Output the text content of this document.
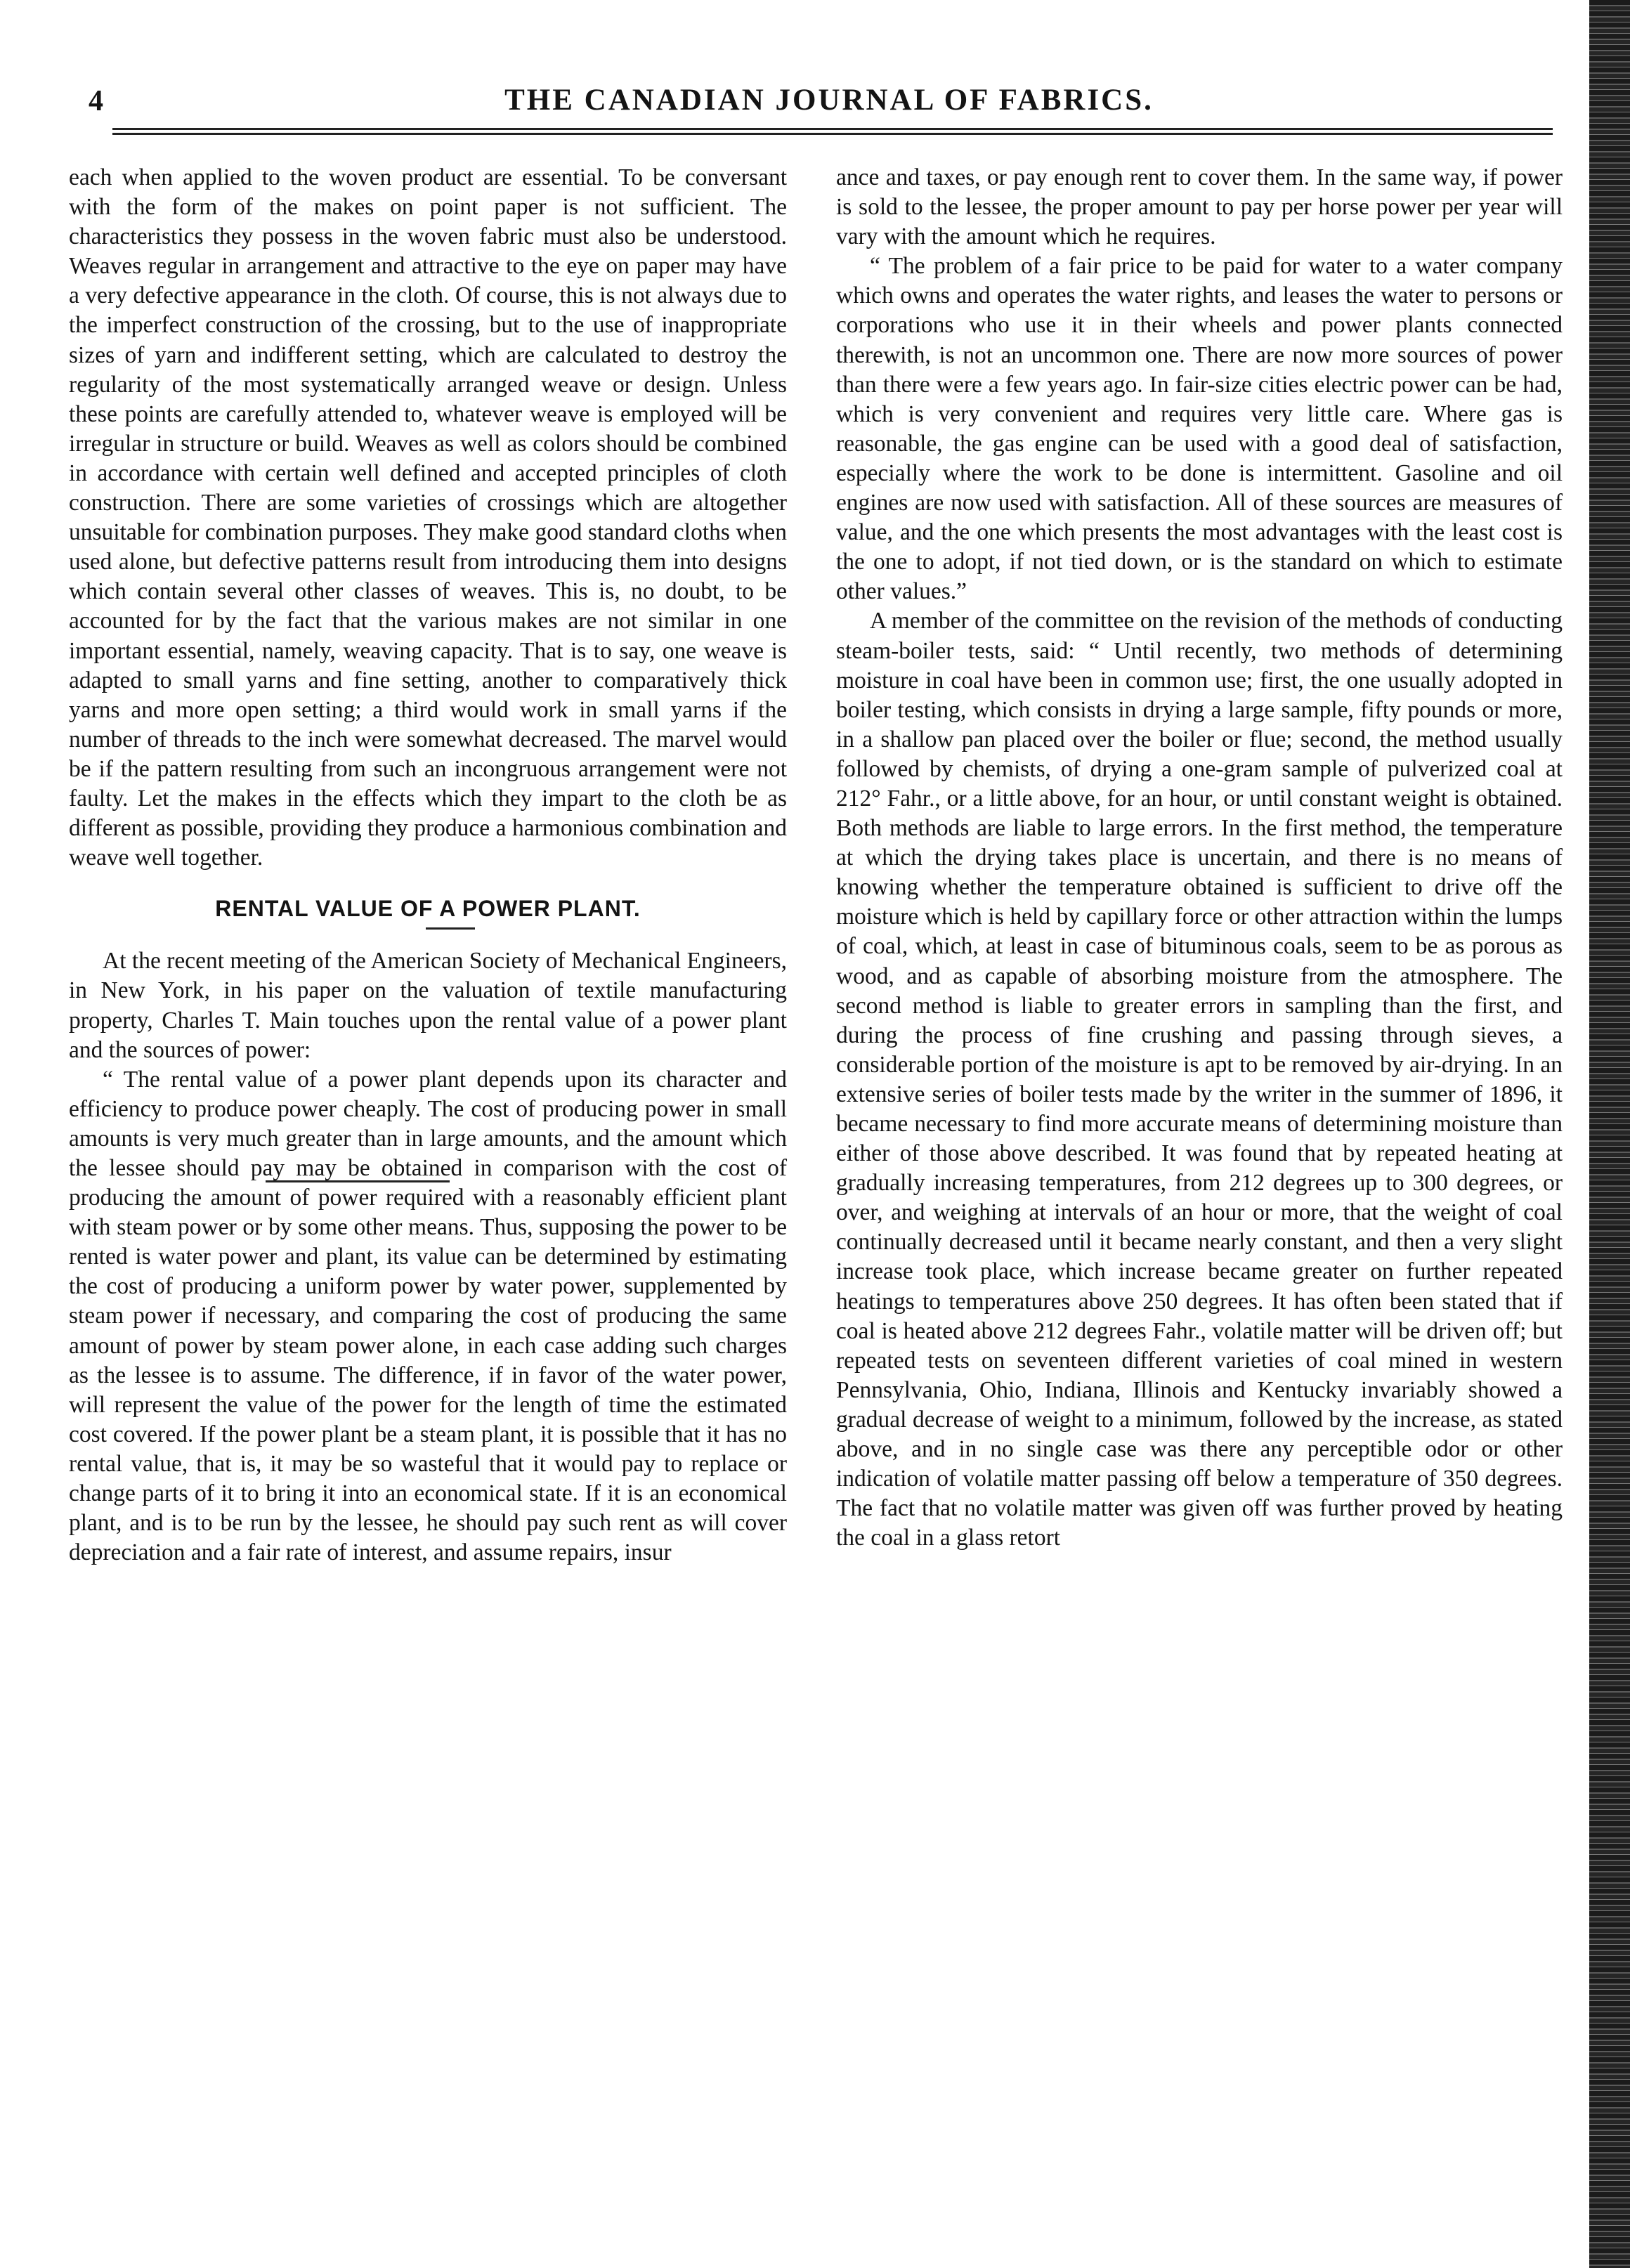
4	THE CANADIAN JOURNAL OF FABRICS.

each when applied to the woven product are essential. To be conversant with the form of the makes on point paper is not sufficient. The characteristics they possess in the woven fabric must also be understood. Weaves regular in arrangement and attractive to the eye on paper may have a very defective appearance in the cloth. Of course, this is not always due to the imperfect construction of the crossing, but to the use of inappropriate sizes of yarn and indifferent setting, which are calculated to destroy the regularity of the most systematically arranged weave or design. Unless these points are carefully attended to, whatever weave is employed will be irregular in structure or build. Weaves as well as colors should be combined in accordance with certain well defined and accepted principles of cloth construction. There are some varieties of crossings which are altogether unsuitable for combination purposes. They make good standard cloths when used alone, but defective patterns result from introducing them into designs which contain several other classes of weaves. This is, no doubt, to be accounted for by the fact that the various makes are not similar in one important essential, namely, weaving capacity. That is to say, one weave is adapted to small yarns and fine setting, another to comparatively thick yarns and more open setting; a third would work in small yarns if the number of threads to the inch were somewhat decreased. The marvel would be if the pattern resulting from such an incongruous arrangement were not faulty. Let the makes in the effects which they impart to the cloth be as different as possible, providing they produce a harmonious combination and weave well together.

RENTAL VALUE OF A POWER PLANT.

At the recent meeting of the American Society of Mechanical Engineers, in New York, in his paper on the valuation of textile manufacturing property, Charles T. Main touches upon the rental value of a power plant and the sources of power:

“ The rental value of a power plant depends upon its character and efficiency to produce power cheaply. The cost of producing power in small amounts is very much greater than in large amounts, and the amount which the lessee should pay may be obtained in comparison with the cost of producing the amount of power required with a reasonably efficient plant with steam power or by some other means. Thus, supposing the power to be rented is water power and plant, its value can be determined by estimating the cost of producing a uniform power by water power, supplemented by steam power if necessary, and comparing the cost of producing the same amount of power by steam power alone, in each case adding such charges as the lessee is to assume. The difference, if in favor of the water power, will represent the value of the power for the length of time the estimated cost covered. If the power plant be a steam plant, it is possible that it has no rental value, that is, it may be so wasteful that it would pay to replace or change parts of it to bring it into an economical state. If it is an economical plant, and is to be run by the lessee, he should pay such rent as will cover depreciation and a fair rate of interest, and assume repairs, insur

ance and taxes, or pay enough rent to cover them. In the same way, if power is sold to the lessee, the proper amount to pay per horse power per year will vary with the amount which he requires.

“ The problem of a fair price to be paid for water to a water company which owns and operates the water rights, and leases the water to persons or corporations who use it in their wheels and power plants connected therewith, is not an uncommon one. There are now more sources of power than there were a few years ago. In fair-size cities electric power can be had, which is very convenient and requires very little care. Where gas is reasonable, the gas engine can be used with a good deal of satisfaction, especially where the work to be done is intermittent. Gasoline and oil engines are now used with satisfaction. All of these sources are measures of value, and the one which presents the most advantages with the least cost is the one to adopt, if not tied down, or is the standard on which to estimate other values.”

A member of the committee on the revision of the methods of conducting steam-boiler tests, said: “ Until recently, two methods of determining moisture in coal have been in common use; first, the one usually adopted in boiler testing, which consists in drying a large sample, fifty pounds or more, in a shallow pan placed over the boiler or flue; second, the method usually followed by chemists, of drying a one-gram sample of pulverized coal at 212° Fahr., or a little above, for an hour, or until constant weight is obtained. Both methods are liable to large errors. In the first method, the temperature at which the drying takes place is uncertain, and there is no means of knowing whether the temperature obtained is sufficient to drive off the moisture which is held by capillary force or other attraction within the lumps of coal, which, at least in case of bituminous coals, seem to be as porous as wood, and as capable of absorbing moisture from the atmosphere. The second method is liable to greater errors in sampling than the first, and during the process of fine crushing and passing through sieves, a considerable portion of the moisture is apt to be removed by air-drying. In an extensive series of boiler tests made by the writer in the summer of 1896, it became necessary to find more accurate means of determining moisture than either of those above described. It was found that by repeated heating at gradually increasing temperatures, from 212 degrees up to 300 degrees, or over, and weighing at intervals of an hour or more, that the weight of coal continually decreased until it became nearly constant, and then a very slight increase took place, which increase became greater on further repeated heatings to temperatures above 250 degrees. It has often been stated that if coal is heated above 212 degrees Fahr., volatile matter will be driven off; but repeated tests on seventeen different varieties of coal mined in western Pennsylvania, Ohio, Indiana, Illinois and Kentucky invariably showed a gradual decrease of weight to a minimum, followed by the increase, as stated above, and in no single case was there any perceptible odor or other indication of volatile matter passing off below a temperature of 350 degrees. The fact that no volatile matter was given off was further proved by heating the coal in a glass retort
